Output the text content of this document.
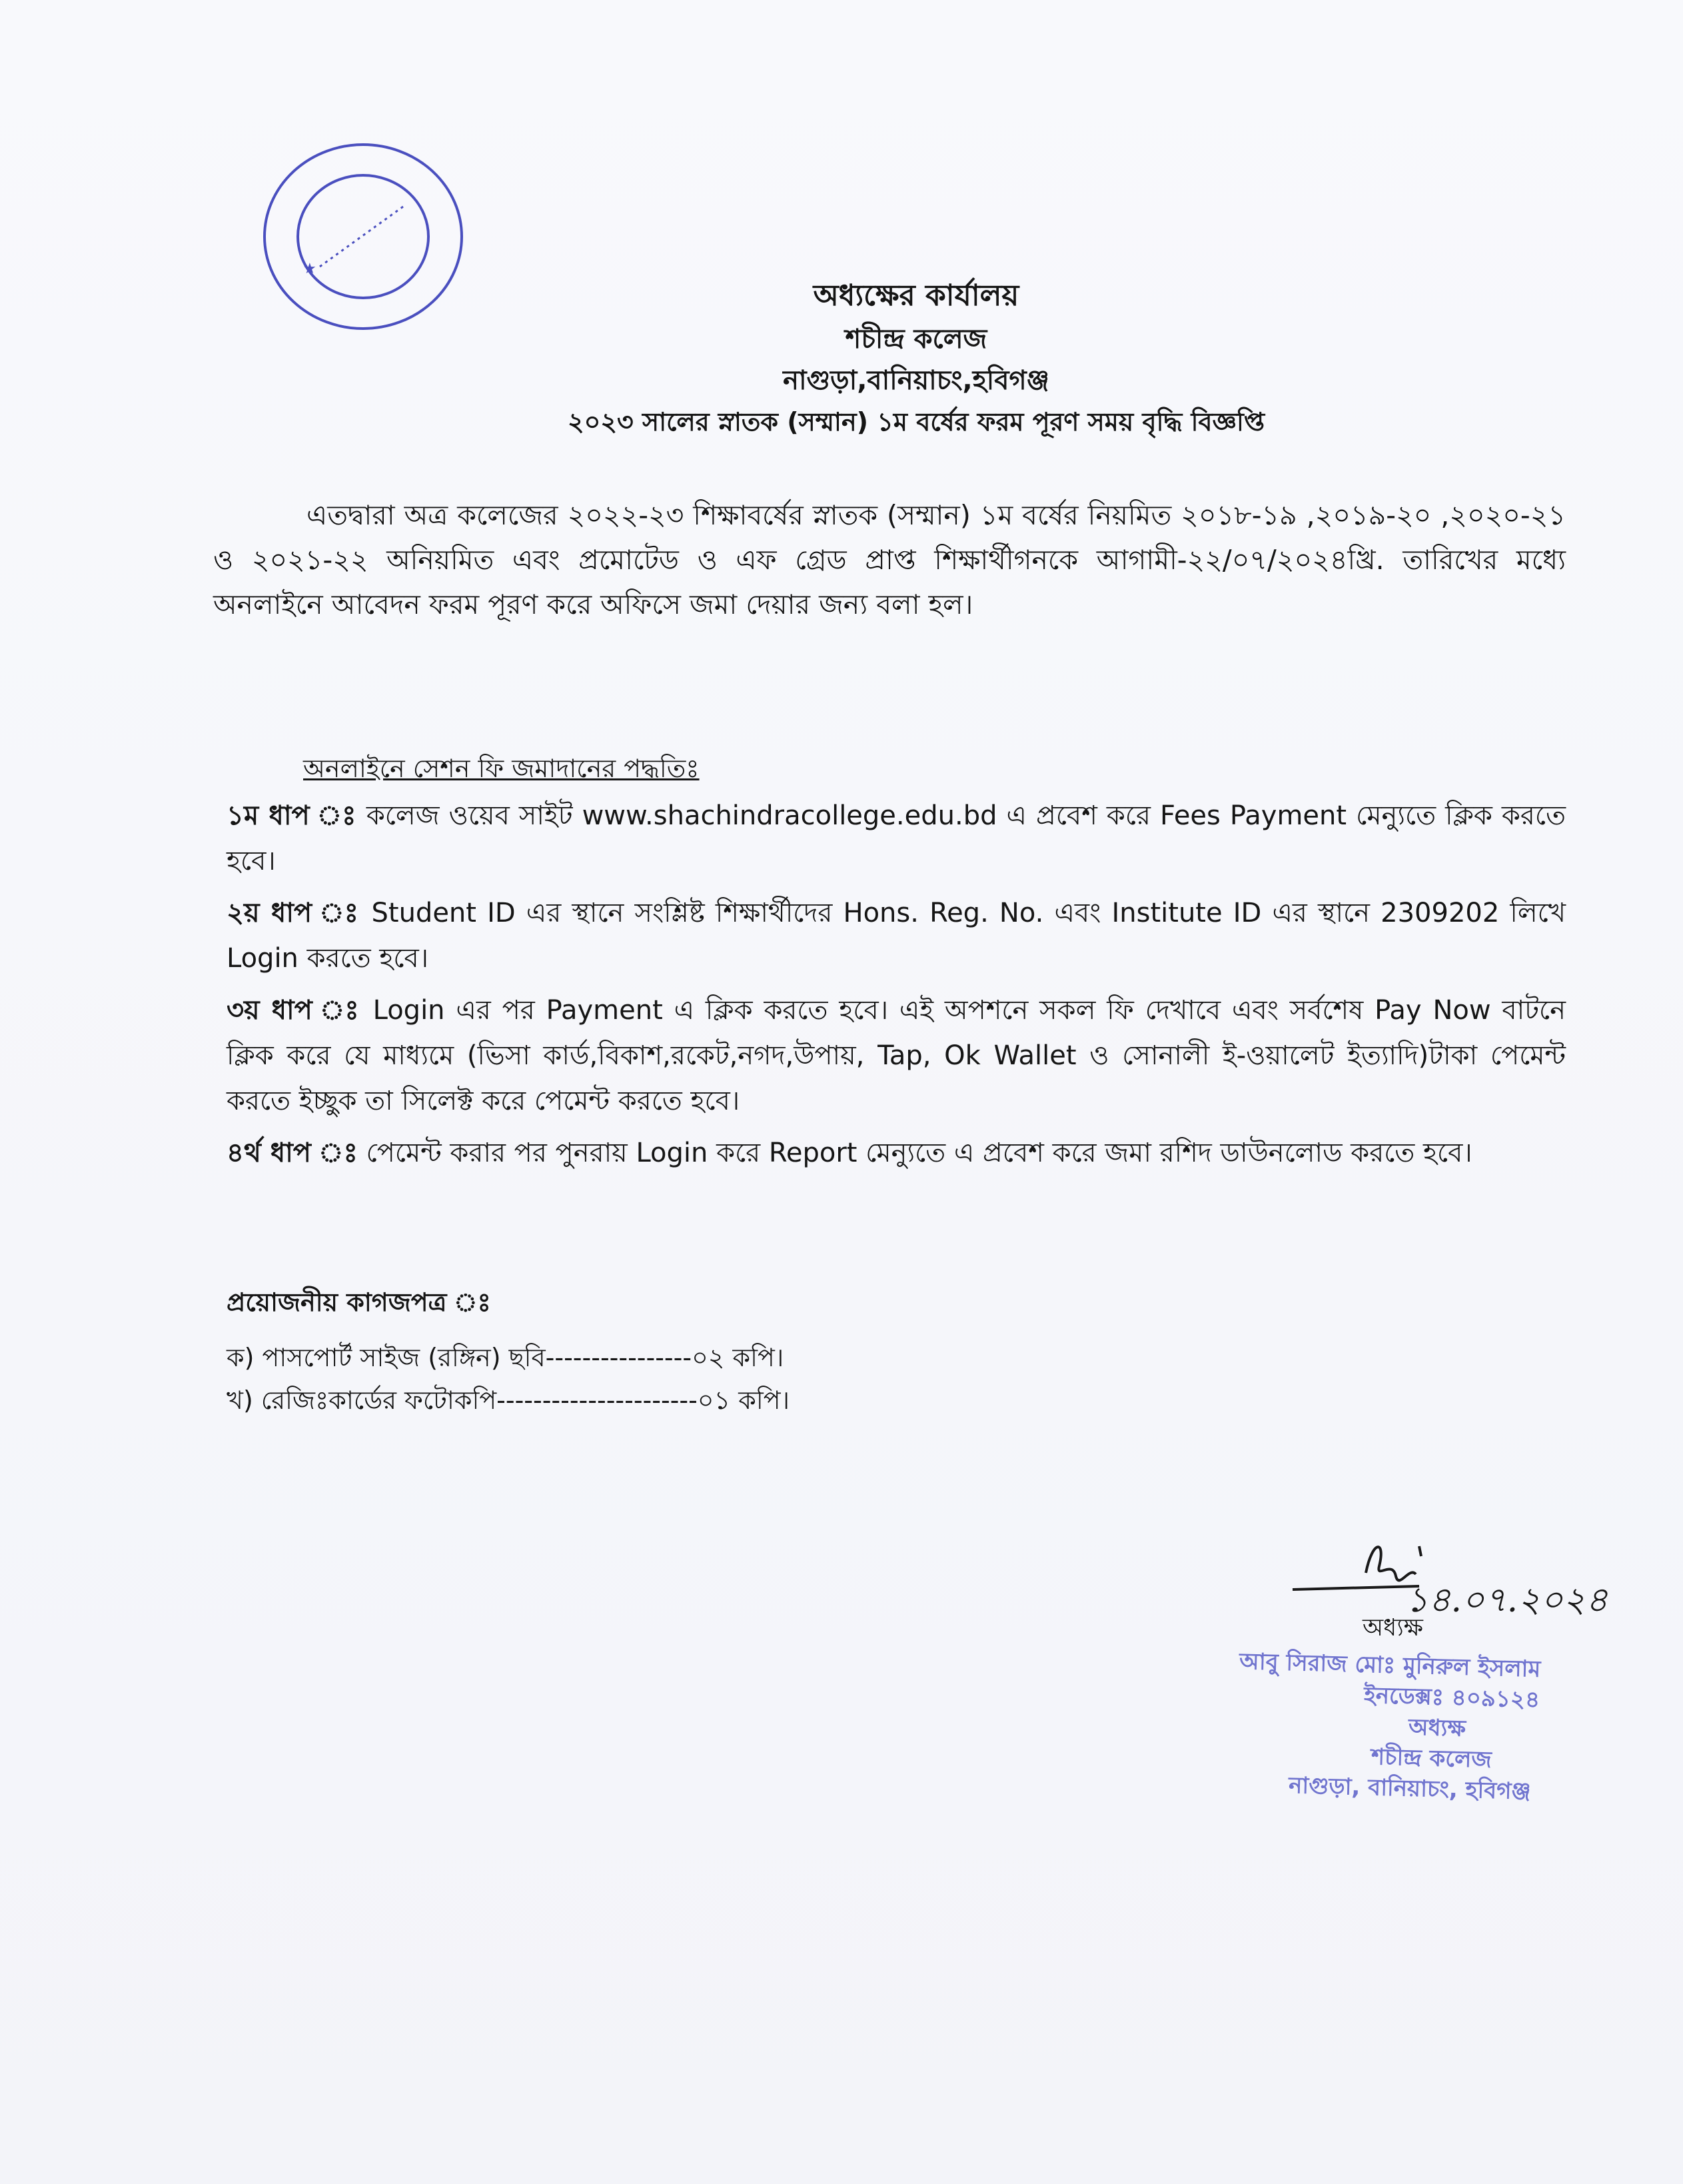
★
অধ্যক্ষের কার্যালয়
শচীন্দ্র কলেজ
নাগুড়া,বানিয়াচং,হবিগঞ্জ
২০২৩ সালের স্নাতক (সম্মান) ১ম বর্ষের ফরম পূরণ সময় বৃদ্ধি বিজ্ঞপ্তি
এতদ্বারা অত্র কলেজের ২০২২-২৩ শিক্ষাবর্ষের স্নাতক (সম্মান) ১ম বর্ষের নিয়মিত ২০১৮-১৯ ,২০১৯-২০ ,২০২০-২১ ও ২০২১-২২ অনিয়মিত এবং প্রমোটেড ও এফ গ্রেড প্রাপ্ত শিক্ষার্থীগনকে আগামী-২২/০৭/২০২৪খ্রি. তারিখের মধ্যে অনলাইনে আবেদন ফরম পূরণ করে অফিসে জমা দেয়ার জন্য বলা হল।
অনলাইনে সেশন ফি জমাদানের পদ্ধতিঃ
১ম ধাপ ঃ কলেজ ওয়েব সাইট www.shachindracollege.edu.bd এ প্রবেশ করে Fees Payment মেন্যুতে ক্লিক করতে হবে।
২য় ধাপ ঃ Student ID এর স্থানে সংশ্লিষ্ট শিক্ষার্থীদের Hons. Reg. No. এবং Institute ID এর স্থানে 2309202 লিখে Login করতে হবে।
৩য় ধাপ ঃ Login এর পর Payment এ ক্লিক করতে হবে। এই অপশনে সকল ফি দেখাবে এবং সর্বশেষ Pay Now বাটনে ক্লিক করে যে মাধ্যমে (ভিসা কার্ড,বিকাশ,রকেট,নগদ,উপায়, Tap, Ok Wallet ও সোনালী ই-ওয়ালেট ইত্যাদি)টাকা পেমেন্ট করতে ইচ্ছুক তা সিলেক্ট করে পেমেন্ট করতে হবে।
৪র্থ ধাপ ঃ পেমেন্ট করার পর পুনরায় Login করে Report মেন্যুতে এ প্রবেশ করে জমা রশিদ ডাউনলোড করতে হবে।
প্রয়োজনীয় কাগজপত্র ঃ
ক) পাসপোর্ট সাইজ (রঙ্গিন) ছবি----------------০২ কপি।
খ) রেজিঃকার্ডের ফটোকপি----------------------০১ কপি।
১৪.০৭.২০২৪
অধ্যক্ষ
আবু সিরাজ মোঃ মুনিরুল ইসলাম
ইনডেক্সঃ ৪০৯১২৪
অধ্যক্ষ
শচীন্দ্র কলেজ
নাগুড়া, বানিয়াচং, হবিগঞ্জ
